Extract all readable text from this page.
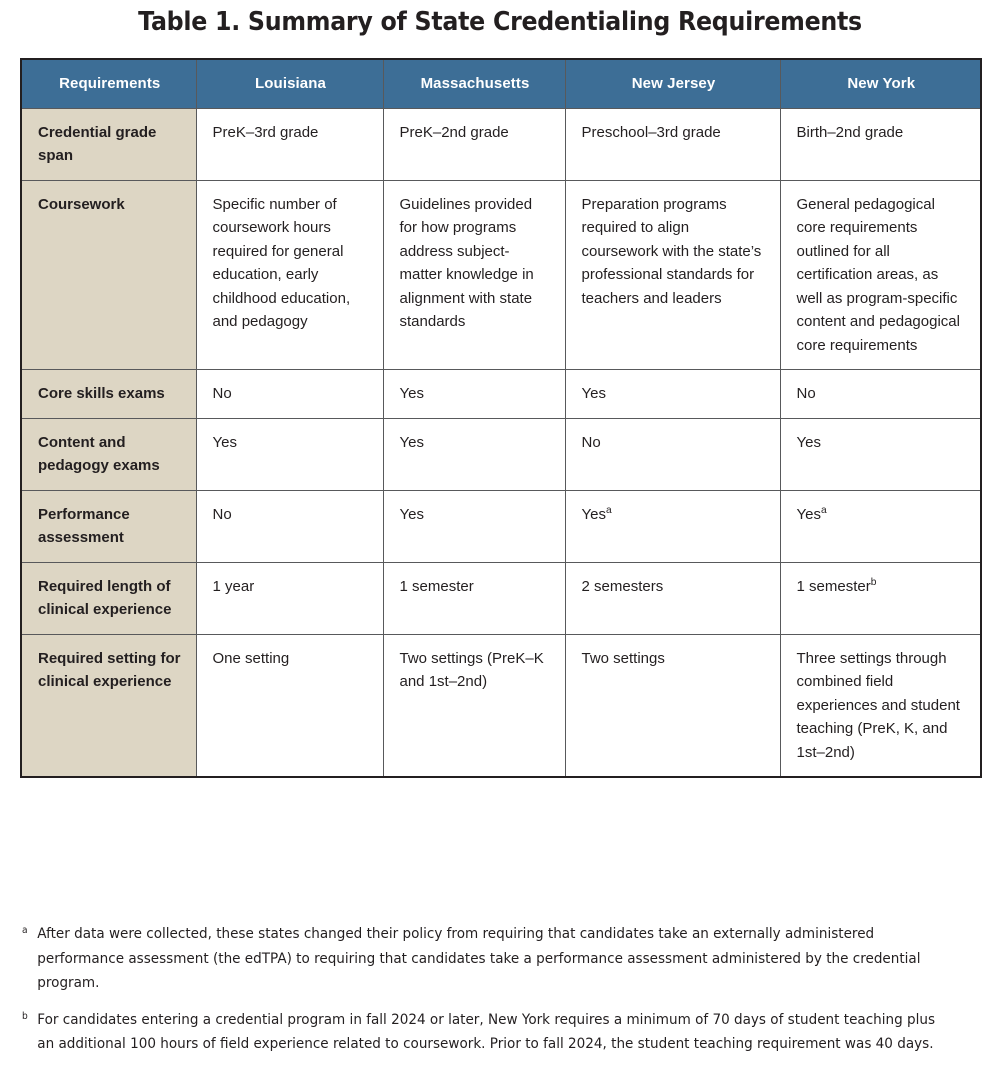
Table 1. Summary of State Credentialing Requirements
Requirements	Louisiana	Massachusetts	New Jersey	New York
Credential grade span	PreK–3rd grade	PreK–2nd grade	Preschool–3rd grade	Birth–2nd grade
Coursework	Specific number of coursework hours required for general education, early childhood education, and pedagogy	Guidelines provided for how programs address subject-matter knowledge in alignment with state standards	Preparation programs required to align coursework with the state’s professional standards for teachers and leaders	General pedagogical core requirements outlined for all certification areas, as well as program-specific content and pedagogical core requirements
Core skills exams	No	Yes	Yes	No
Content and pedagogy exams	Yes	Yes	No	Yes
Performance assessment	No	Yes	Yes$^a$	Yes$^a$
Required length of clinical experience	1 year	1 semester	2 semesters	1 semester$^b$
Required setting for clinical experience	One setting	Two settings (PreK–K and 1st–2nd)	Two settings	Three settings through combined field experiences and student teaching (PreK, K, and 1st–2nd)
a After data were collected, these states changed their policy from requiring that candidates take an externally administered performance assessment (the edTPA) to requiring that candidates take a performance assessment administered by the credential program.
b For candidates entering a credential program in fall 2024 or later, New York requires a minimum of 70 days of student teaching plus an additional 100 hours of field experience related to coursework. Prior to fall 2024, the student teaching requirement was 40 days.
